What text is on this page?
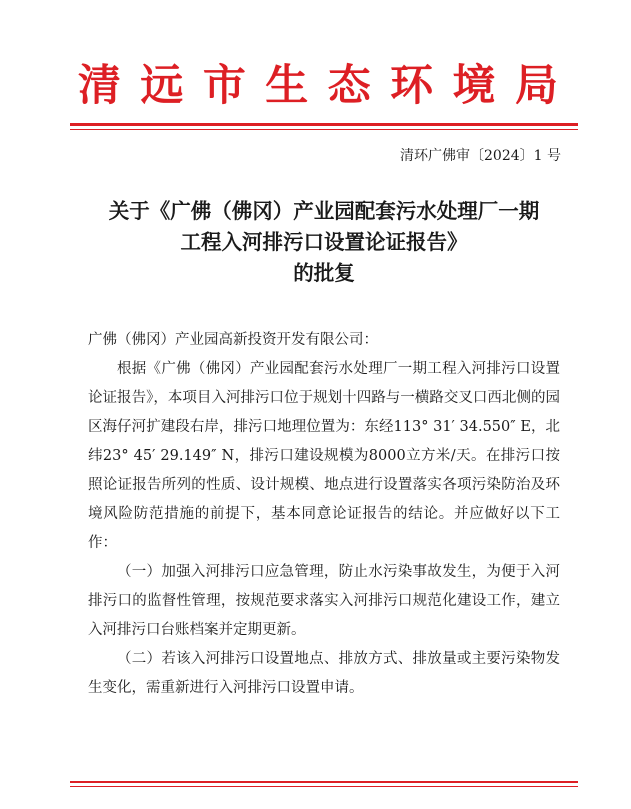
清 远 市 生 态 环 境 局
清环广佛审〔2024〕1 号
关于《广佛（佛冈）产业园配套污水处理厂一期
工程入河排污口设置论证报告》
的批复

广佛（佛冈）产业园高新投资开发有限公司：

根据《广佛（佛冈）产业园配套污水处理厂一期工程入河排污口设置论证报告》，本项目入河排污口位于规划十四路与一横路交叉口西北侧的园区海仔河扩建段右岸，排污口地理位置为：东经113° 31′ 34.550″ E，北纬23° 45′ 29.149″ N，排污口建设规模为8000立方米/天。在排污口按照论证报告所列的性质、设计规模、地点进行设置落实各项污染防治及环境风险防范措施的前提下，基本同意论证报告的结论。并应做好以下工作：

（一）加强入河排污口应急管理，防止水污染事故发生，为便于入河排污口的监督性管理，按规范要求落实入河排污口规范化建设工作，建立入河排污口台账档案并定期更新。

（二）若该入河排污口设置地点、排放方式、排放量或主要污染物发生变化，需重新进行入河排污口设置申请。
